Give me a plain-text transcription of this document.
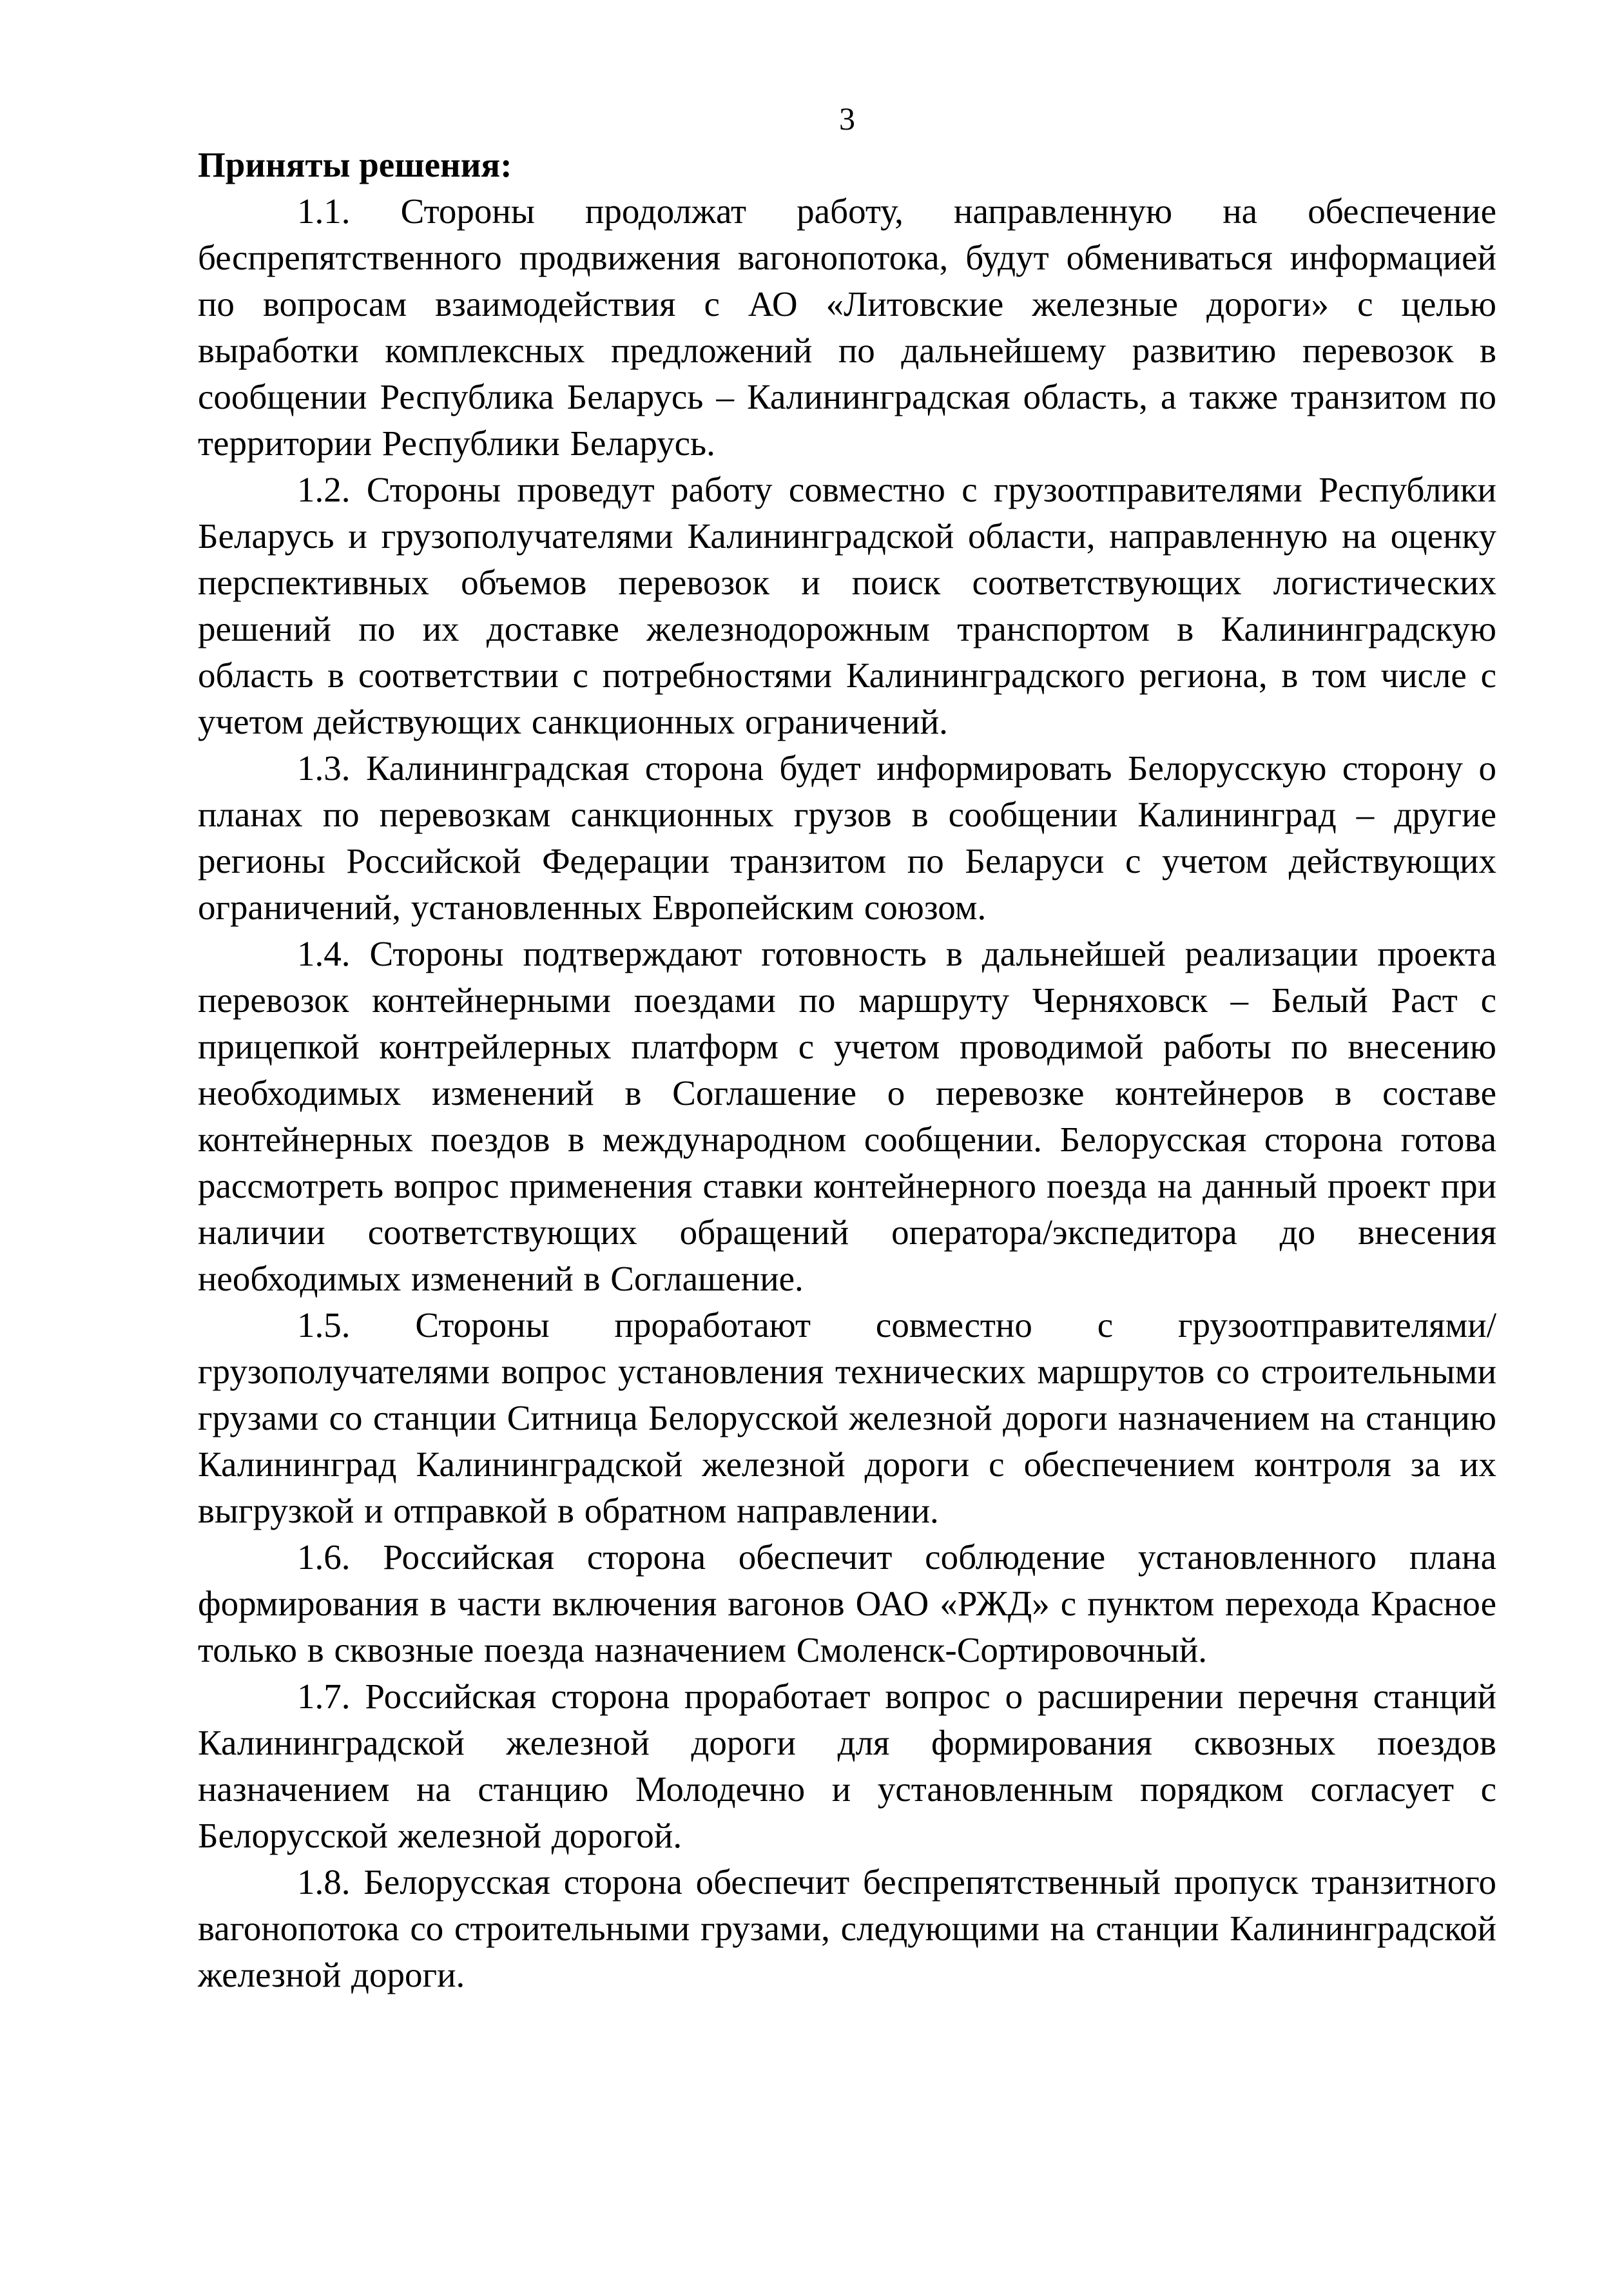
3
Приняты решения:

1.1. Стороны продолжат работу, направленную на обеспечение беспрепятственного продвижения вагонопотока, будут обмениваться информацией по вопросам взаимодействия с АО «Литовские железные дороги» с целью выработки комплексных предложений по дальнейшему развитию перевозок в сообщении Республика Беларусь – Калининградская область, а также транзитом по территории Республики Беларусь.

1.2. Стороны проведут работу совместно с грузоотправителями Республики Беларусь и грузополучателями Калининградской области, направленную на оценку перспективных объемов перевозок и поиск соответствующих логистических решений по их доставке железнодорожным транспортом в Калининградскую область в соответствии с потребностями Калининградского региона, в том числе с учетом действующих санкционных ограничений.

1.3. Калининградская сторона будет информировать Белорусскую сторону о планах по перевозкам санкционных грузов в сообщении Калининград – другие регионы Российской Федерации транзитом по Беларуси с учетом действующих ограничений, установленных Европейским союзом.

1.4. Стороны подтверждают готовность в дальнейшей реализации проекта перевозок контейнерными поездами по маршруту Черняховск – Белый Раст с прицепкой контрейлерных платформ с учетом проводимой работы по внесению необходимых изменений в Соглашение о перевозке контейнеров в составе контейнерных поездов в международном сообщении. Белорусская сторона готова рассмотреть вопрос применения ставки контейнерного поезда на данный проект при наличии соответствующих обращений оператора/экспедитора до внесения необходимых изменений в Соглашение.

1.5. Стороны проработают совместно с грузоотправителями/грузополучателями вопрос установления технических маршрутов со строительными грузами со станции Ситница Белорусской железной дороги назначением на станцию Калининград Калининградской железной дороги с обеспечением контроля за их выгрузкой и отправкой в обратном направлении.

1.6. Российская сторона обеспечит соблюдение установленного плана формирования в части включения вагонов ОАО «РЖД» с пунктом перехода Красное только в сквозные поезда назначением Смоленск-Сортировочный.

1.7. Российская сторона проработает вопрос о расширении перечня станций Калининградской железной дороги для формирования сквозных поездов назначением на станцию Молодечно и установленным порядком согласует с Белорусской железной дорогой.

1.8. Белорусская сторона обеспечит беспрепятственный пропуск транзитного вагонопотока со строительными грузами, следующими на станции Калининградской железной дороги.
